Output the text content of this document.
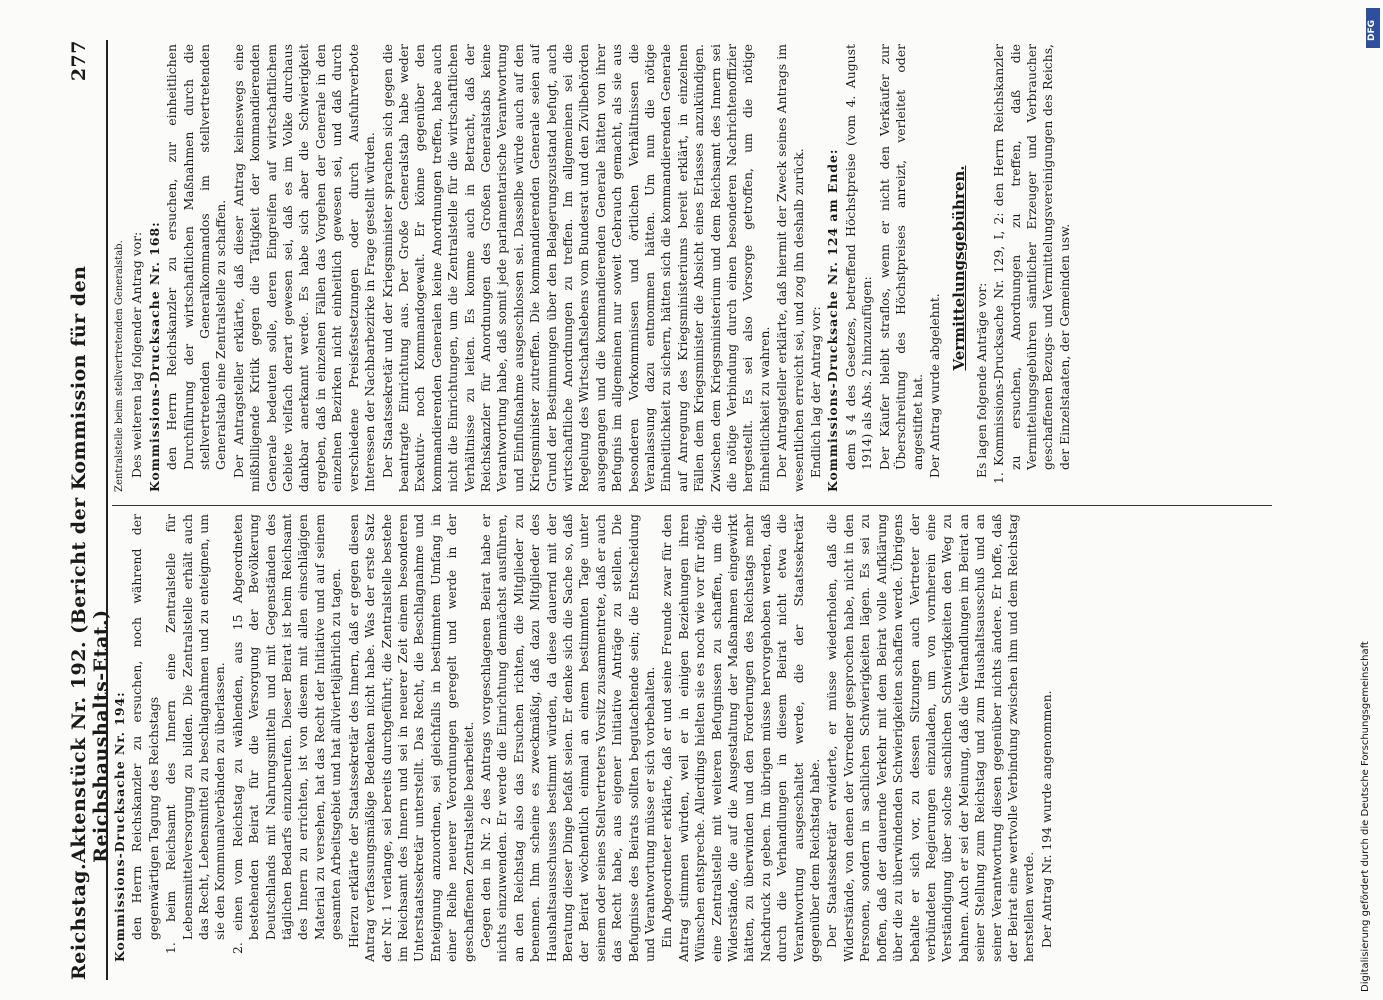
Reichstag.
Aktenstück Nr. 192. (Bericht der Kommission für den Reichshaushalts-Etat.)
277

Kommissions-Drucksache Nr. 194: den Herrn Reichskanzler zu ersuchen, noch während der gegenwärtigen Tagung des Reichstags 1. beim Reichsamt des Innern eine Zentralstelle für Lebensmittelversorgung zu bilden. Die Zentralstelle erhält auch das Recht, Lebensmittel zu beschlagnahmen und zu enteignen, um sie den Kommunalverbänden zu überlassen. 2. einen vom Reichstag zu wählenden, aus 15 Abgeordneten bestehenden Beirat für die Versorgung der Bevölkerung Deutschlands mit Nahrungsmitteln und mit Gegenständen des täglichen Bedarfs einzuberufen. Dieser Beirat ist beim Reichsamt des Innern zu errichten, ist von diesem mit allen einschlägigen Material zu versehen, hat das Recht der Initiative und auf seinem gesamten Arbeitsgebiet und hat allvierteljährlich zu tagen. Hierzu erklärte der Staatssekretär des Innern, daß er gegen diesen Antrag verfassungsmäßige Bedenken nicht habe. Was der erste Satz der Nr. 1 verlange, sei bereits durchgeführt; die Zentralstelle bestehe im Reichsamt des Innern und sei in neuerer Zeit einem besonderen Unterstaatssekretär unterstellt. Das Recht, die Beschlagnahme und Enteignung anzuordnen, sei gleichfalls in bestimmtem Umfang in einer Reihe neuerer Verordnungen geregelt und werde in der geschaffenen Zentralstelle bearbeitet. Gegen den in Nr. 2 des Antrags vorgeschlagenen Beirat habe er nichts einzuwenden. Er werde die Einrichtung demnächst ausführen, an den Reichstag also das Ersuchen richten, die Mitglieder zu benennen. Ihm scheine es zweckmäßig, daß dazu Mitglieder des Haushaltsausschusses bestimmt würden, da diese dauernd mit der Beratung dieser Dinge befaßt seien. Er denke sich die Sache so, daß der Beirat wöchentlich einmal an einem bestimmten Tage unter seinem oder seines Stellvertreters Vorsitz zusammentrete, daß er auch das Recht habe, aus eigener Initiative Anträge zu stellen. Die Befugnisse des Beirats sollten begutachtende sein; die Entscheidung und Verantwortung müsse er sich vorbehalten. Ein Abgeordneter erklärte, daß er und seine Freunde zwar für den Antrag stimmen würden, weil er in einigen Beziehungen ihren Wünschen entspreche. Allerdings hielten sie es noch wie vor für nötig, eine Zentralstelle mit weiteren Befugnissen zu schaffen, um die Widerstände, die auf die Ausgestaltung der Maßnahmen eingewirkt hätten, zu überwinden und den Forderungen des Reichstags mehr Nachdruck zu geben. Im übrigen müsse hervorgehoben werden, daß durch die Verhandlungen in diesem Beirat nicht etwa die Verantwortung ausgeschaltet werde, die der Staatssekretär gegenüber dem Reichstag habe. Der Staatssekretär erwiderte, er müsse wiederholen, daß die Widerstände, von denen der Vorredner gesprochen habe, nicht in den Personen, sondern in sachlichen Schwierigkeiten lägen. Es sei zu hoffen, daß der dauernde Verkehr mit dem Beirat volle Aufklärung über die zu überwindenden Schwierigkeiten schaffen werde. Übrigens behalte er sich vor, zu dessen Sitzungen auch Vertreter der verbündeten Regierungen einzuladen, um von vornherein eine Verständigung über solche sachlichen Schwierigkeiten den Weg zu bahnen. Auch er sei der Meinung, daß die Verhandlungen im Beirat an seiner Stellung zum Reichstag und zum Haushaltsausschuß und an seiner Verantwortung diesen gegenüber nichts ändere. Er hoffe, daß der Beirat eine wertvolle Verbindung zwischen ihm und dem Reichstag herstellen werde. Der Antrag Nr. 194 wurde angenommen.

Zentralstelle beim stellvertretenden Generalstab. Des weiteren lag folgender Antrag vor: Kommissions-Drucksache Nr. 168: den Herrn Reichskanzler zu ersuchen, zur einheitlichen Durchführung der wirtschaftlichen Maßnahmen durch die stellvertretenden Generalkommandos im stellvertretenden Generalstab eine Zentralstelle zu schaffen. Der Antragsteller erklärte, daß dieser Antrag keineswegs eine mißbilligende Kritik gegen die Tätigkeit der kommandierenden Generale bedeuten solle, deren Eingreifen auf wirtschaftlichem Gebiete vielfach derart gewesen sei, daß es im Volke durchaus dankbar anerkannt werde. Es habe sich aber die Schwierigkeit ergeben, daß in einzelnen Fällen das Vorgehen der Generale in den einzelnen Bezirken nicht einheitlich gewesen sei, und daß durch verschiedene Preisfestsetzungen oder durch Ausfuhrverbote Interessen der Nachbarbezirke in Frage gestellt würden. Der Staatssekretär und der Kriegsminister sprachen sich gegen die beantragte Einrichtung aus. Der Große Generalstab habe weder Exekutiv- noch Kommandogewalt. Er könne gegenüber den kommandierenden Generalen keine Anordnungen treffen, habe auch nicht die Einrichtungen, um die Zentralstelle für die wirtschaftlichen Verhältnisse zu leiten. Es komme auch in Betracht, daß der Reichskanzler für Anordnungen des Großen Generalstabs keine Verantwortung habe, daß somit jede parlamentarische Verantwortung und Einflußnahme ausgeschlossen sei. Dasselbe würde auch auf den Kriegsminister zutreffen. Die kommandierenden Generale seien auf Grund der Bestimmungen über den Belagerungszustand befugt, auch wirtschaftliche Anordnungen zu treffen. Im allgemeinen sei die Regelung des Wirtschaftslebens vom Bundesrat und den Zivilbehörden ausgegangen und die kommandierenden Generale hätten von ihrer Befugnis im allgemeinen nur soweit Gebrauch gemacht, als sie aus besonderen Vorkommnissen und örtlichen Verhältnissen die Veranlassung dazu entnommen hätten. Um nun die nötige Einheitlichkeit zu sichern, hätten sich die kommandierenden Generale auf Anregung des Kriegsministeriums bereit erklärt, in einzelnen Fällen dem Kriegsminister die Absicht eines Erlasses anzukündigen. Zwischen dem Kriegsministerium und dem Reichsamt des Innern sei die nötige Verbindung durch einen besonderen Nachrichtenoffizier hergestellt. Es sei also Vorsorge getroffen, um die nötige Einheitlichkeit zu wahren. Der Antragsteller erklärte, daß hiermit der Zweck seines Antrags im wesentlichen erreicht sei, und zog ihn deshalb zurück. Endlich lag der Antrag vor: Kommissions-Drucksache Nr. 124 am Ende: dem § 4 des Gesetzes, betreffend Höchstpreise (vom 4. August 1914) als Abs. 2 hinzuzufügen: Der Käufer bleibt straflos, wenn er nicht den Verkäufer zur Überschreitung des Höchstpreises anreizt, verleitet oder angestiftet hat. Der Antrag wurde abgelehnt.

Vermittelungsgebühren.

Es lagen folgende Anträge vor: 1. Kommissions-Drucksache Nr. 129, I, 2: den Herrn Reichskanzler zu ersuchen, Anordnungen zu treffen, daß die Vermittelungsgebühren sämtlicher Erzeuger und Verbraucher geschaffenen Bezugs- und Vermittelungsvereinigungen des Reichs, der Einzelstaaten, der Gemeinden usw.

Digitalisierung gefördert durch die Deutsche Forschungsgemeinschaft
DFG
